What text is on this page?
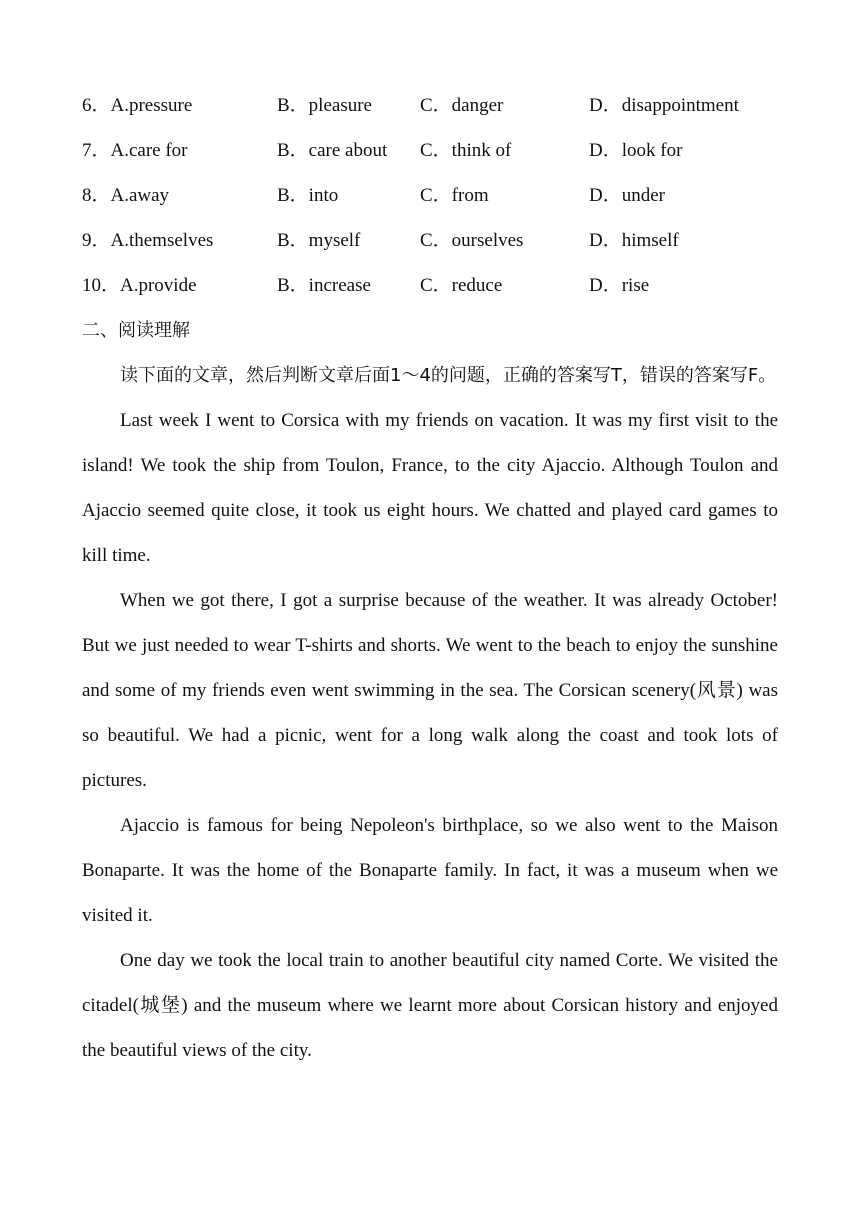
6．A.pressure	B．pleasure	C．danger	D．disappointment
7．A.care for	B．care about C．think of	D．look for
8．A.away	B．into	C．from	D．under
9．A.themselves	B．myself	C．ourselves	D．himself
10．A.provide	B．increase	C．reduce	D．rise
二、阅读理解

读下面的文章，然后判断文章后面1～4的问题，正确的答案写T，错误的答案写F。

Last week I went to Corsica with my friends on vacation. It was my first visit to the island! We took the ship from Toulon, France, to the city Ajaccio. Although Toulon and Ajaccio seemed quite close, it took us eight hours. We chatted and played card games to kill time.

When we got there, I got a surprise because of the weather. It was already October! But we just needed to wear T-shirts and shorts. We went to the beach to enjoy the sunshine and some of my friends even went swimming in the sea. The Corsican scenery(风景) was so beautiful. We had a picnic, went for a long walk along the coast and took lots of pictures.

Ajaccio is famous for being Nepoleon's birthplace, so we also went to the Maison Bonaparte. It was the home of the Bonaparte family. In fact, it was a museum when we visited it.

One day we took the local train to another beautiful city named Corte. We visited the citadel(城堡) and the museum where we learnt more about Corsican history and enjoyed the beautiful views of the city.
